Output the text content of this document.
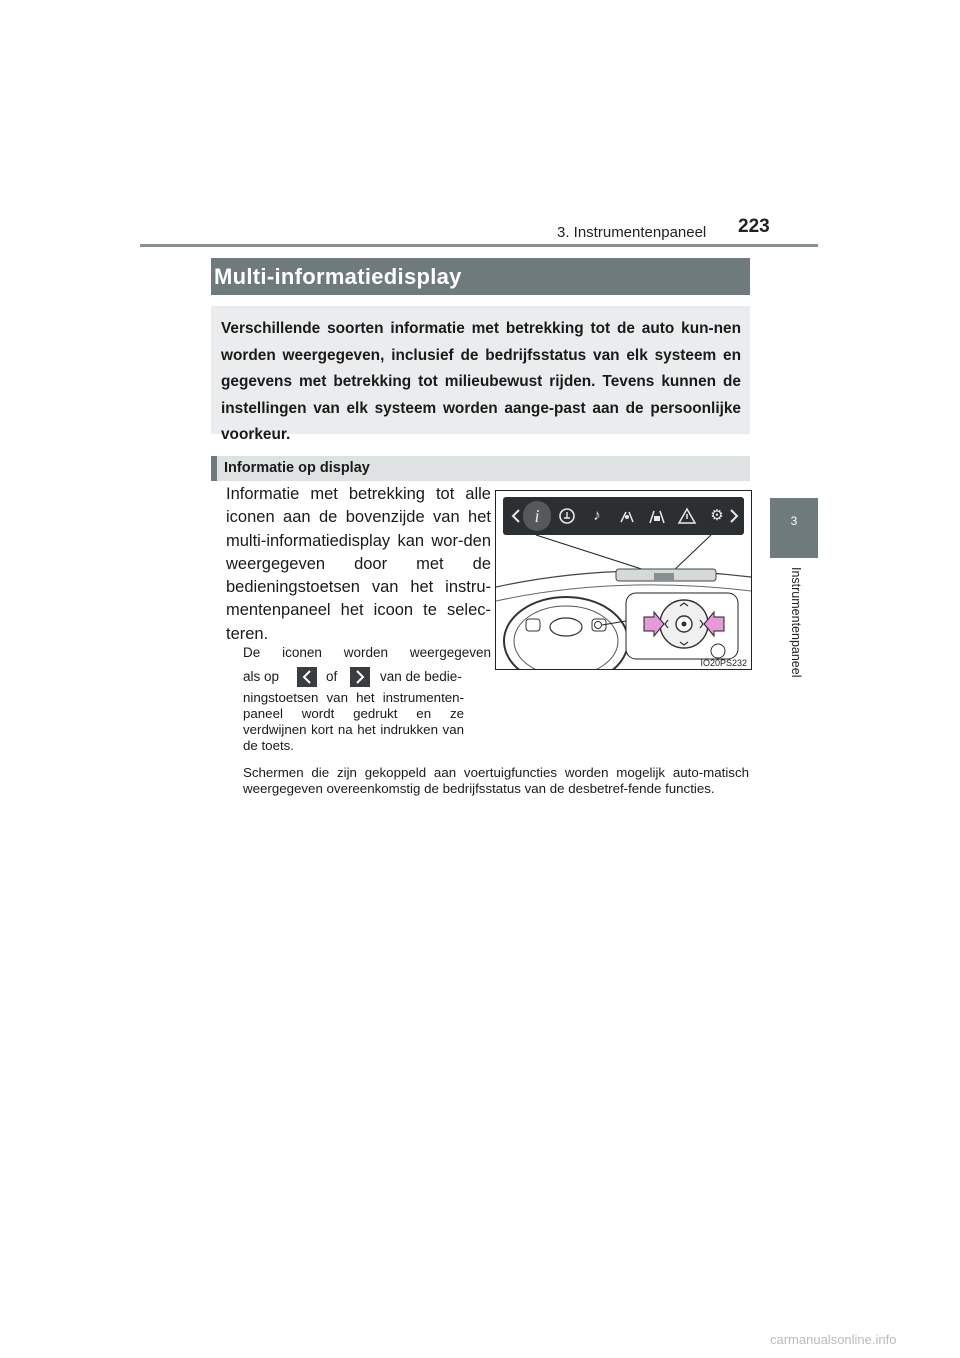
3. Instrumentenpaneel 223
3
Instrumentenpaneel
Multi-informatiedisplay

Verschillende soorten informatie met betrekking tot de auto kun-nen worden weergegeven, inclusief de bedrijfsstatus van elk systeem en gegevens met betrekking tot milieubewust rijden. Tevens kunnen de instellingen van elk systeem worden aange-past aan de persoonlijke voorkeur.

Informatie op display

Informatie met betrekking tot alle iconen aan de bovenzijde van het multi-informatiedisplay kan wor-den weergegeven door met de bedieningstoetsen van het instru-mentenpaneel het icoon te selec-teren.

De iconen worden weergegeven

als op	of	van de bedie-

ningstoetsen van het instrumenten-paneel wordt gedrukt en ze verdwijnen kort na het indrukken van de toets.

Schermen die zijn gekoppeld aan voertuigfuncties worden mogelijk auto-matisch weergegeven overeenkomstig de bedrijfsstatus van de desbetref-fende functies.

i	♪	⚙
IO20PS232
carmanualsonline.info
